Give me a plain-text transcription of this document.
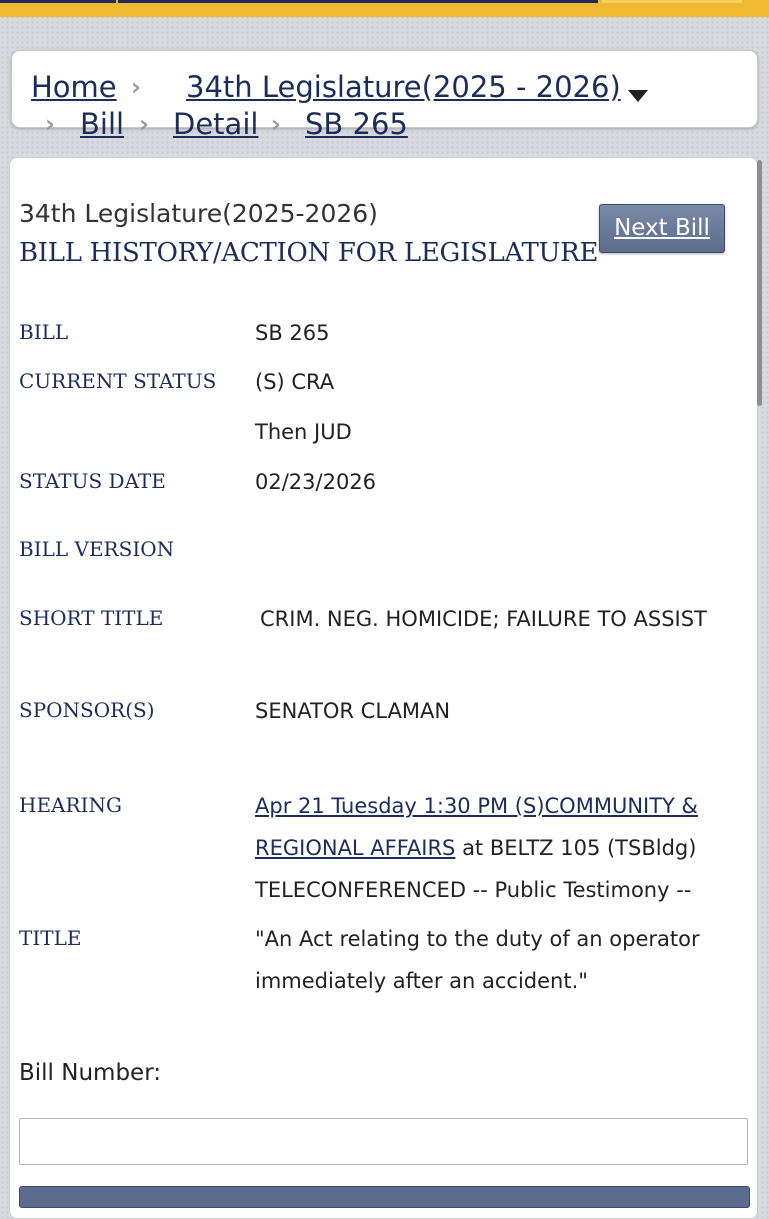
Home › 34th Legislature(2025 - 2026)
› Bill › Detail › SB 265
34th Legislature(2025-2026)	Next Bill
BILL HISTORY/ACTION FOR LEGISLATURE
BILL	SB 265
CURRENT STATUS (S) CRA
Then JUD
STATUS DATE	02/23/2026
BILL VERSION
SHORT TITLE	CRIM. NEG. HOMICIDE; FAILURE TO ASSIST
SPONSOR(S)	SENATOR CLAMAN
HEARING	Apr 21 Tuesday 1:30 PM (S)COMMUNITY &
REGIONAL AFFAIRS at BELTZ 105 (TSBldg)
TELECONFERENCED -- Public Testimony --
TITLE	"An Act relating to the duty of an operator
immediately after an accident."
Bill Number:
